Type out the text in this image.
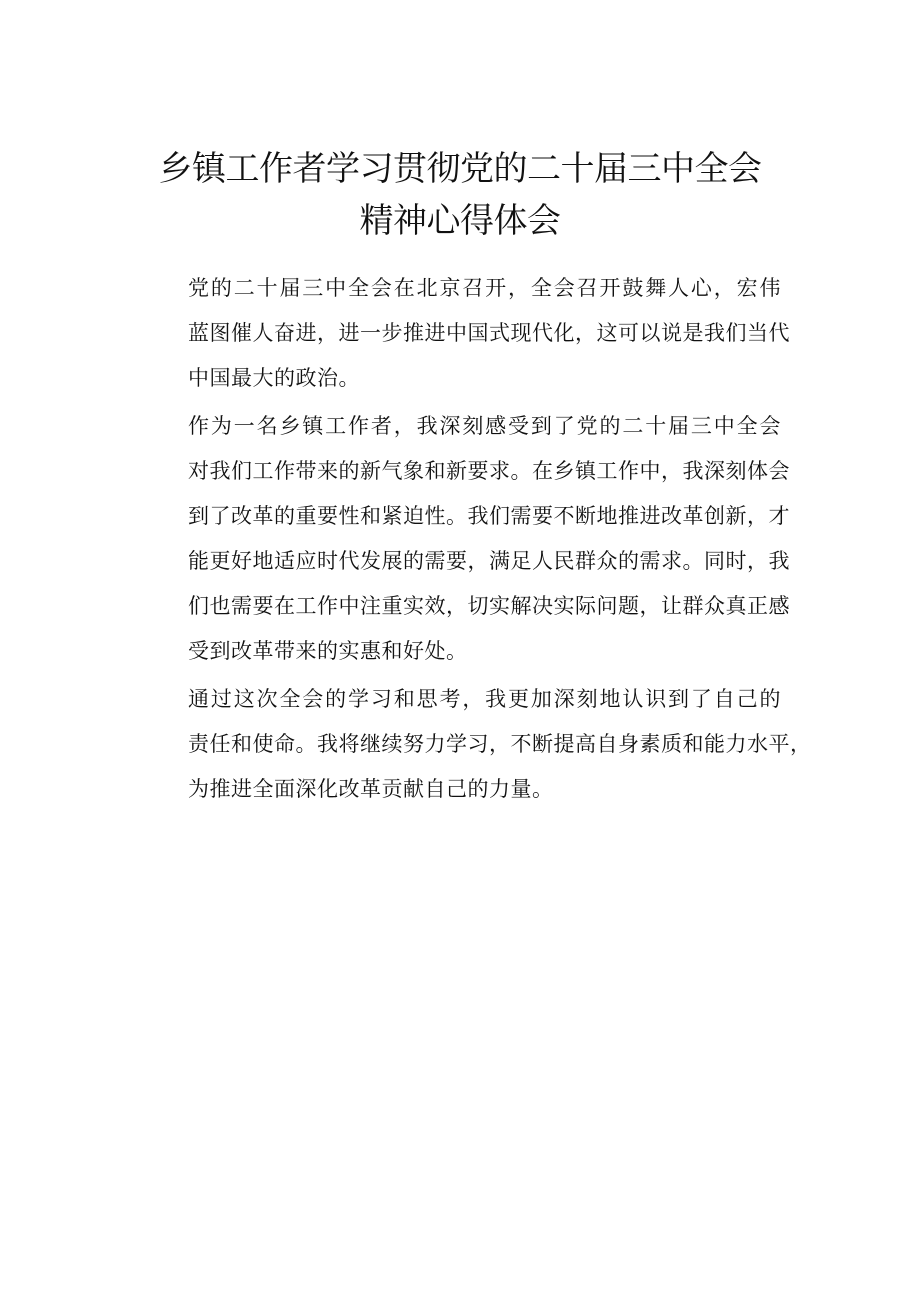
乡镇工作者学习贯彻党的二十届三中全会
精神心得体会

党的二十届三中全会在北京召开，全会召开鼓舞人心，宏伟
蓝图催人奋进，进一步推进中国式现代化，这可以说是我们当代
中国最大的政治。

作为一名乡镇工作者，我深刻感受到了党的二十届三中全会
对我们工作带来的新气象和新要求。在乡镇工作中，我深刻体会
到了改革的重要性和紧迫性。我们需要不断地推进改革创新，才
能更好地适应时代发展的需要，满足人民群众的需求。同时，我
们也需要在工作中注重实效，切实解决实际问题，让群众真正感
受到改革带来的实惠和好处。

通过这次全会的学习和思考，我更加深刻地认识到了自己的
责任和使命。我将继续努力学习，不断提高自身素质和能力水平，
为推进全面深化改革贡献自己的力量。
